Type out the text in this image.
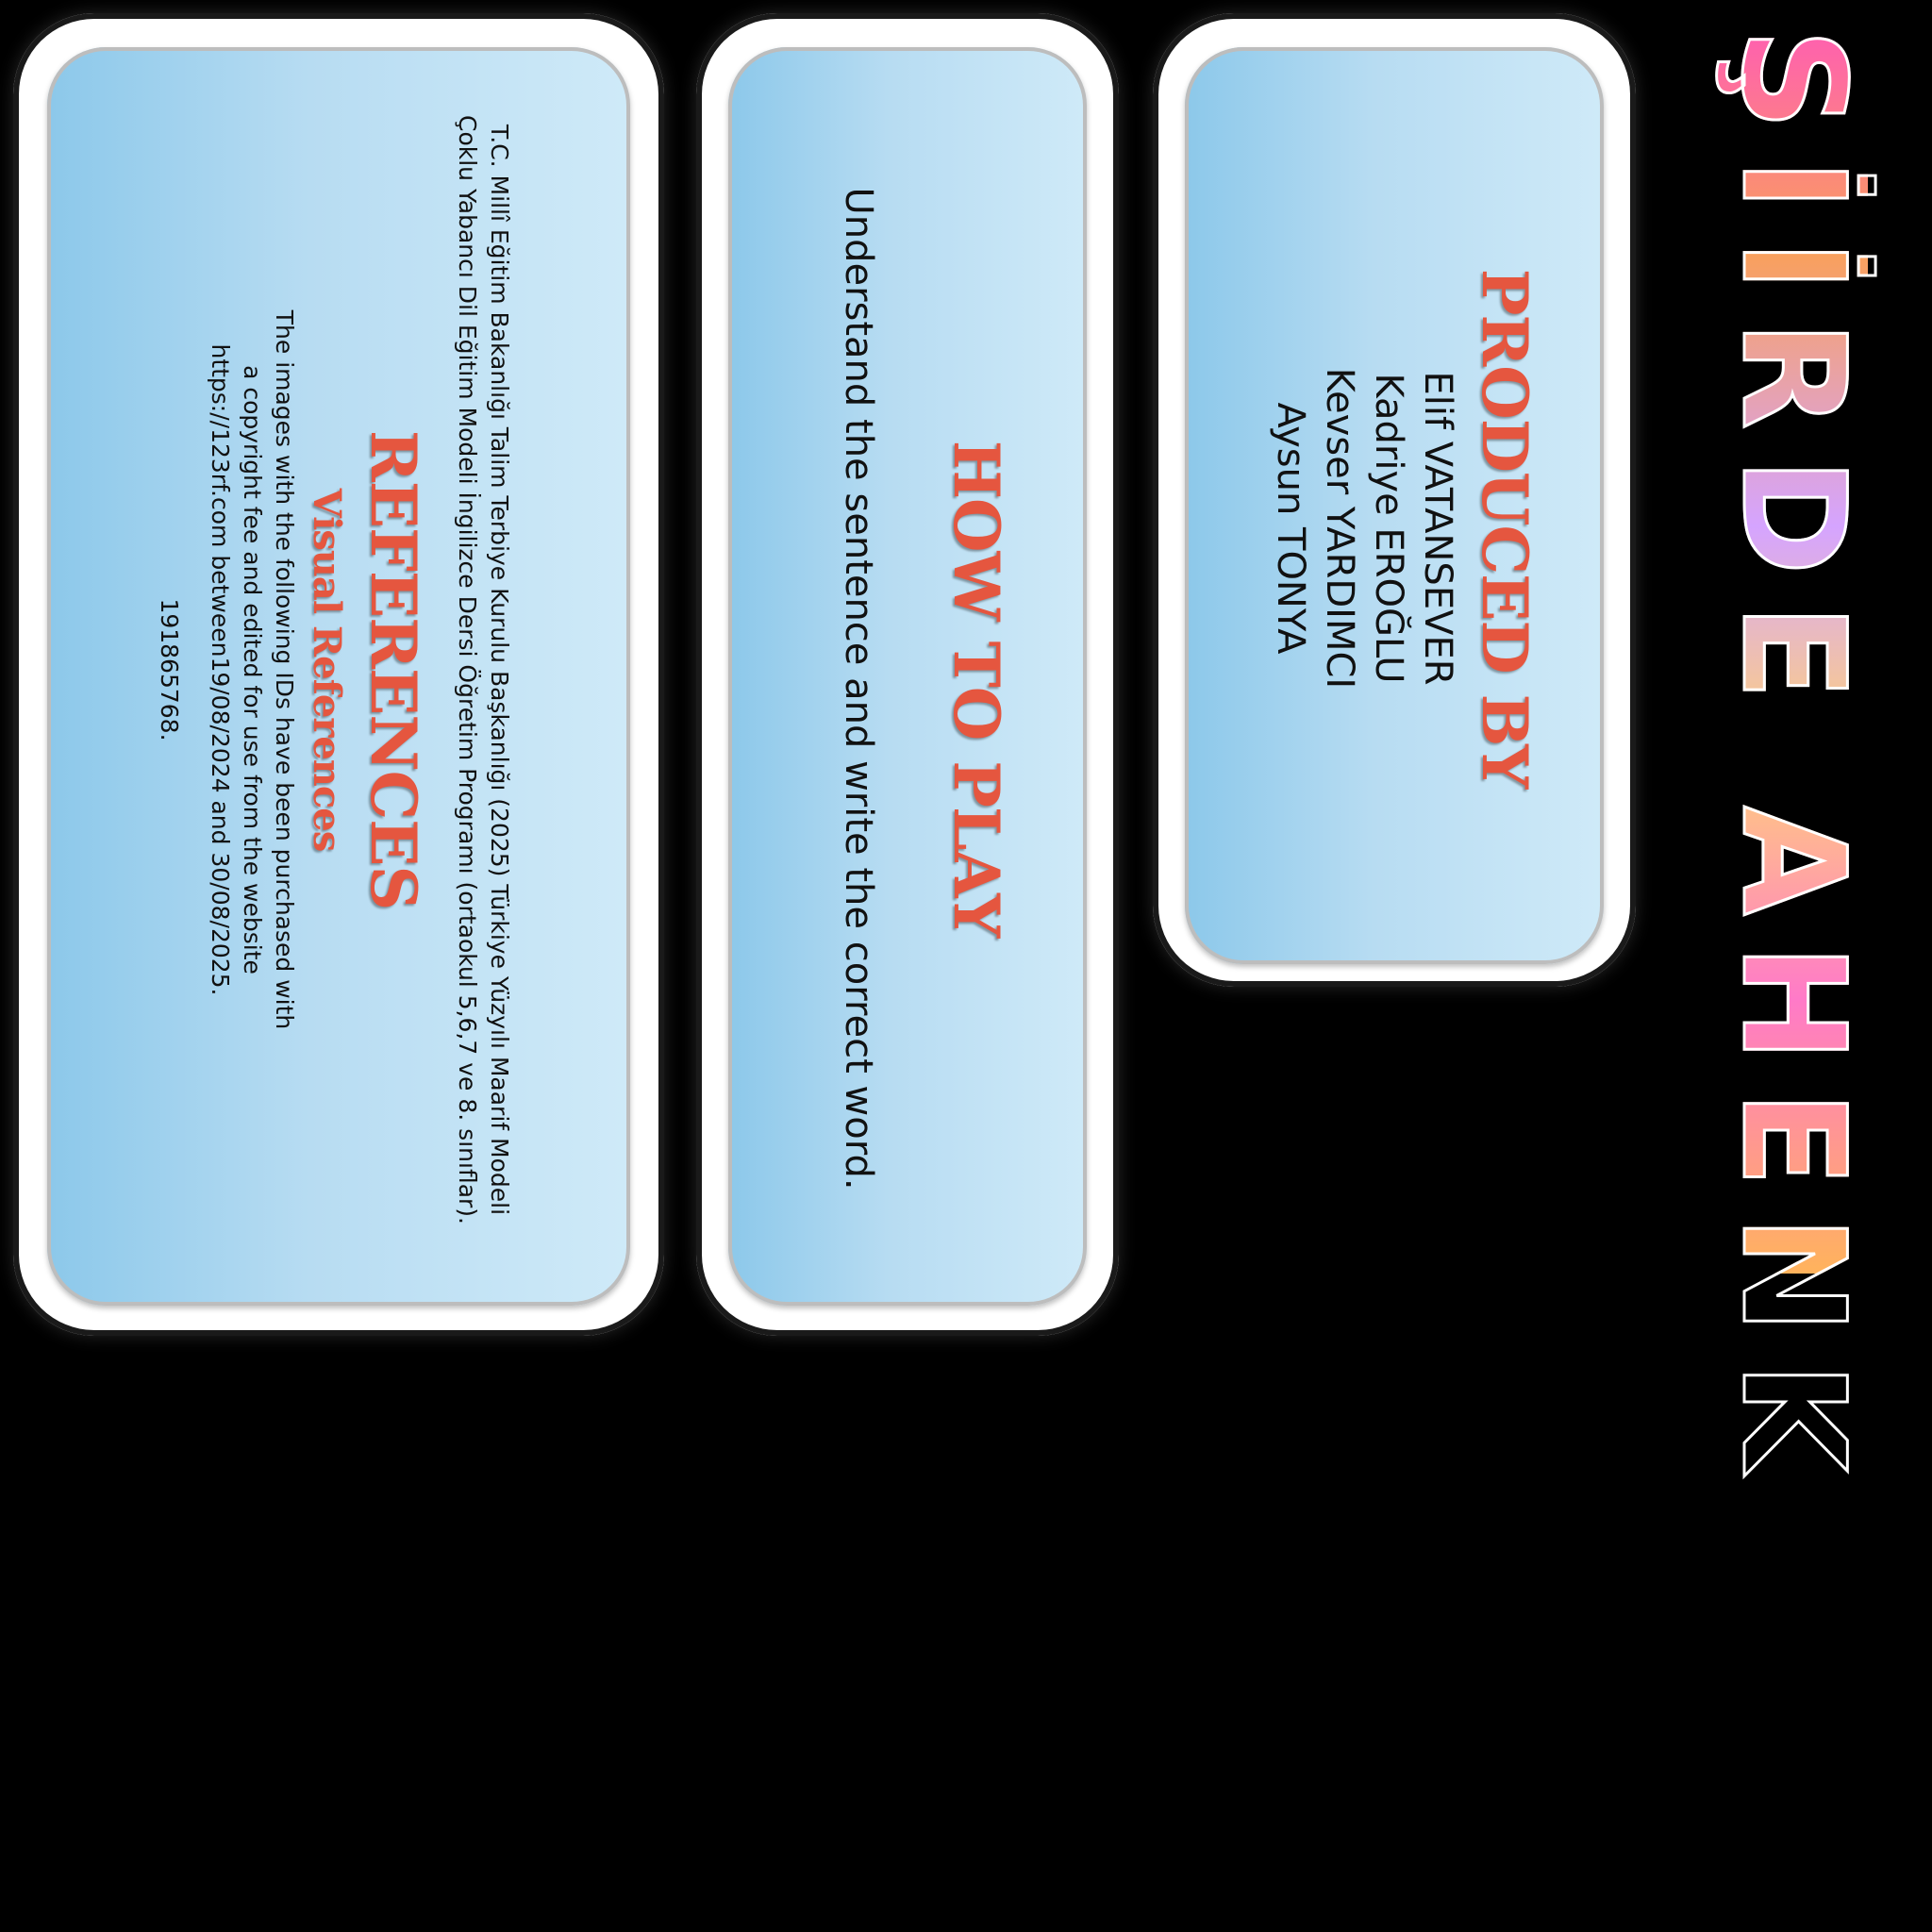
ŞİİRDE AHENK
PRODUCED BY
Elif VATANSEVER
Kadriye EROĞLU
Kevser YARDIMCI
Aysun TONYA
HOW TO PLAY
Understand the sentence and write the correct word.
T.C. Millî Eğitim Bakanlığı Talim Terbiye Kurulu Başkanlığı (2025) Türkiye Yüzyılı Maarif Modeli Çoklu Yabancı Dil Eğitim Modeli İngilizce Dersi Öğretim Programı (ortaokul 5,6,7 ve 8. sınıflar).
REFERENCES
Visual References
The images with the following IDs have been purchased with a copyright fee and edited for use from the website https://123rf.com between19/08/2024 and 30/08/2025.
191865768.
